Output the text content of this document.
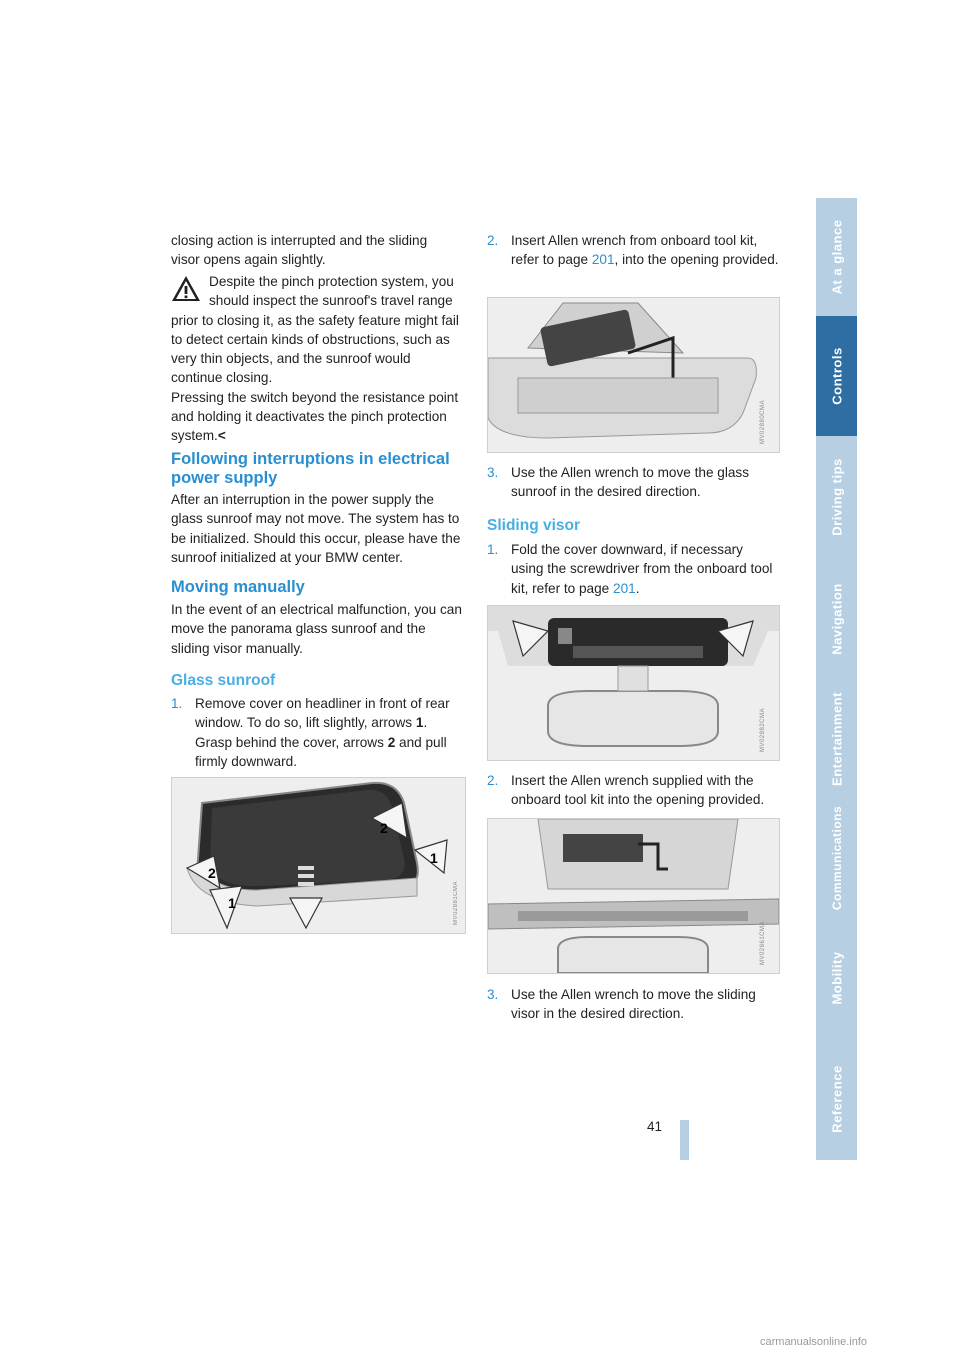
closing action is interrupted and the sliding

visor opens again slightly.

Despite the pinch protection system, you should inspect the sunroof's travel range prior to closing it, as the safety feature might fail to detect certain kinds of obstructions, such as very thin objects, and the sunroof would continue closing.

Pressing the switch beyond the resistance point and holding it deactivates the pinch protection system.<

Following interruptions in electrical power supply

After an interruption in the power supply the glass sunroof may not move. The system has to be initialized. Should this occur, please have the sunroof initialized at your BMW center.

Moving manually

In the event of an electrical malfunction, you can move the panorama glass sunroof and the sliding visor manually.

Glass sunroof
1. Remove cover on headliner in front of rear window. To do so, lift slightly, arrows 1. Grasp behind the cover, arrows 2 and pull firmly downward.
2
2
1
1	MV02881CMA
2. Insert Allen wrench from onboard tool kit, refer to page 201, into the opening provided.
MV02880CMA
3. Use the Allen wrench to move the glass sunroof in the desired direction.
Sliding visor
1. Fold the cover downward, if necessary using the screwdriver from the onboard tool kit, refer to page 201.
MV02882CMA
2. Insert the Allen wrench supplied with the onboard tool kit into the opening provided.
MV02861CMA
3. Use the Allen wrench to move the sliding visor in the desired direction.
At a glance
Controls
Driving tips
Navigation
Entertainment
Communications
Mobility
Reference
41
carmanualsonline.info
